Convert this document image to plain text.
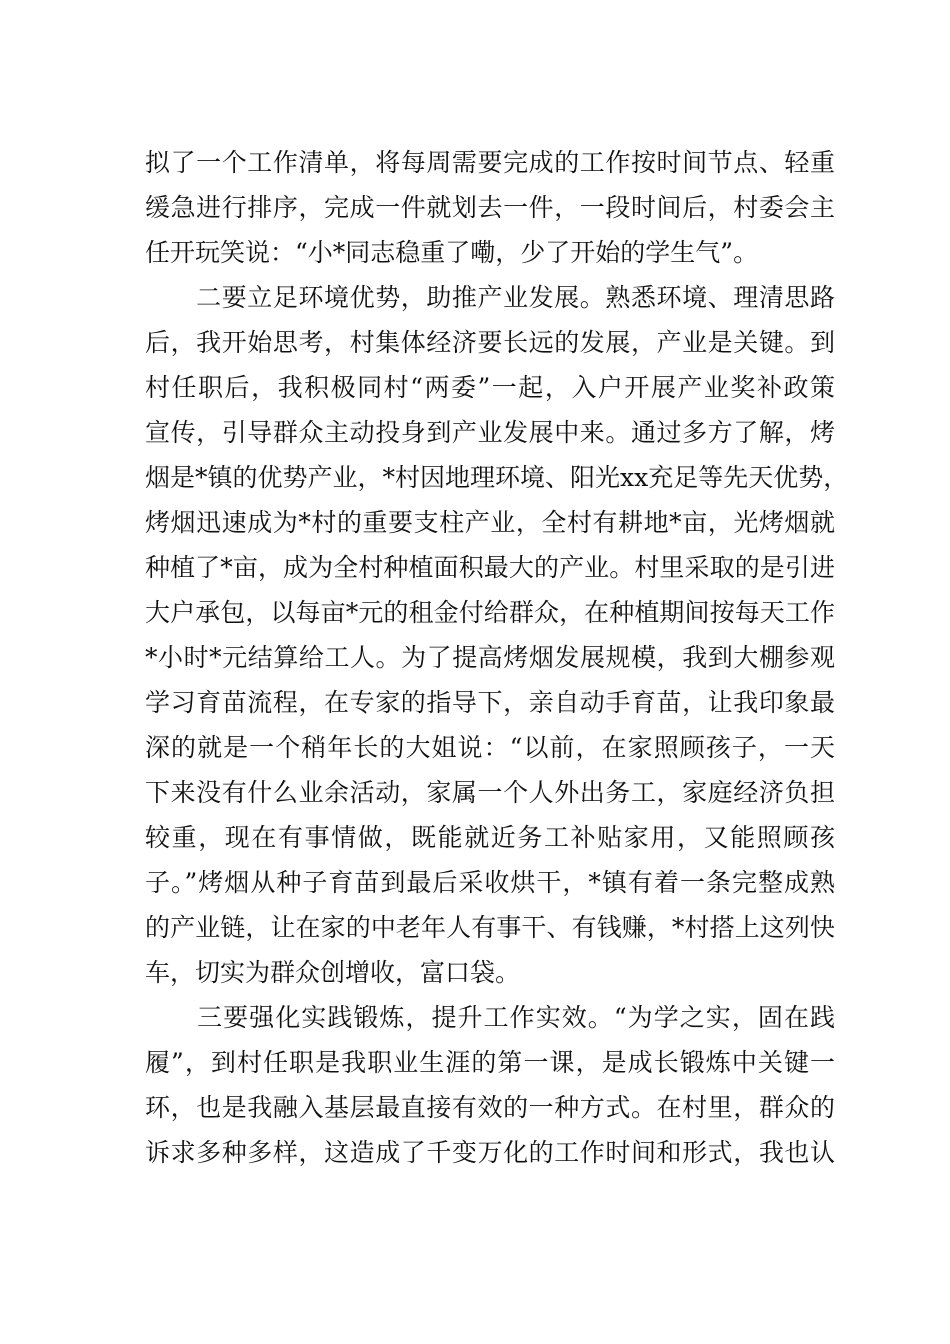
拟了一个工作清单，将每周需要完成的工作按时间节点、轻重
缓急进行排序，完成一件就划去一件，一段时间后，村委会主
任开玩笑说：“小*同志稳重了嘞，少了开始的学生气”。
　　二要立足环境优势，助推产业发展。熟悉环境、理清思路
后，我开始思考，村集体经济要长远的发展，产业是关键。到
村任职后，我积极同村“两委”一起，入户开展产业奖补政策
宣传，引导群众主动投身到产业发展中来。通过多方了解，烤
烟是*镇的优势产业，*村因地理环境、阳光xx充足等先天优势，
烤烟迅速成为*村的重要支柱产业，全村有耕地*亩，光烤烟就
种植了*亩，成为全村种植面积最大的产业。村里采取的是引进
大户承包，以每亩*元的租金付给群众，在种植期间按每天工作
*小时*元结算给工人。为了提高烤烟发展规模，我到大棚参观
学习育苗流程，在专家的指导下，亲自动手育苗，让我印象最
深的就是一个稍年长的大姐说：“以前，在家照顾孩子，一天
下来没有什么业余活动，家属一个人外出务工，家庭经济负担
较重，现在有事情做，既能就近务工补贴家用，又能照顾孩
子。”烤烟从种子育苗到最后采收烘干，*镇有着一条完整成熟
的产业链，让在家的中老年人有事干、有钱赚，*村搭上这列快
车，切实为群众创增收，富口袋。
　　三要强化实践锻炼，提升工作实效。“为学之实，固在践
履”，到村任职是我职业生涯的第一课，是成长锻炼中关键一
环，也是我融入基层最直接有效的一种方式。在村里，群众的
诉求多种多样，这造成了千变万化的工作时间和形式，我也认
